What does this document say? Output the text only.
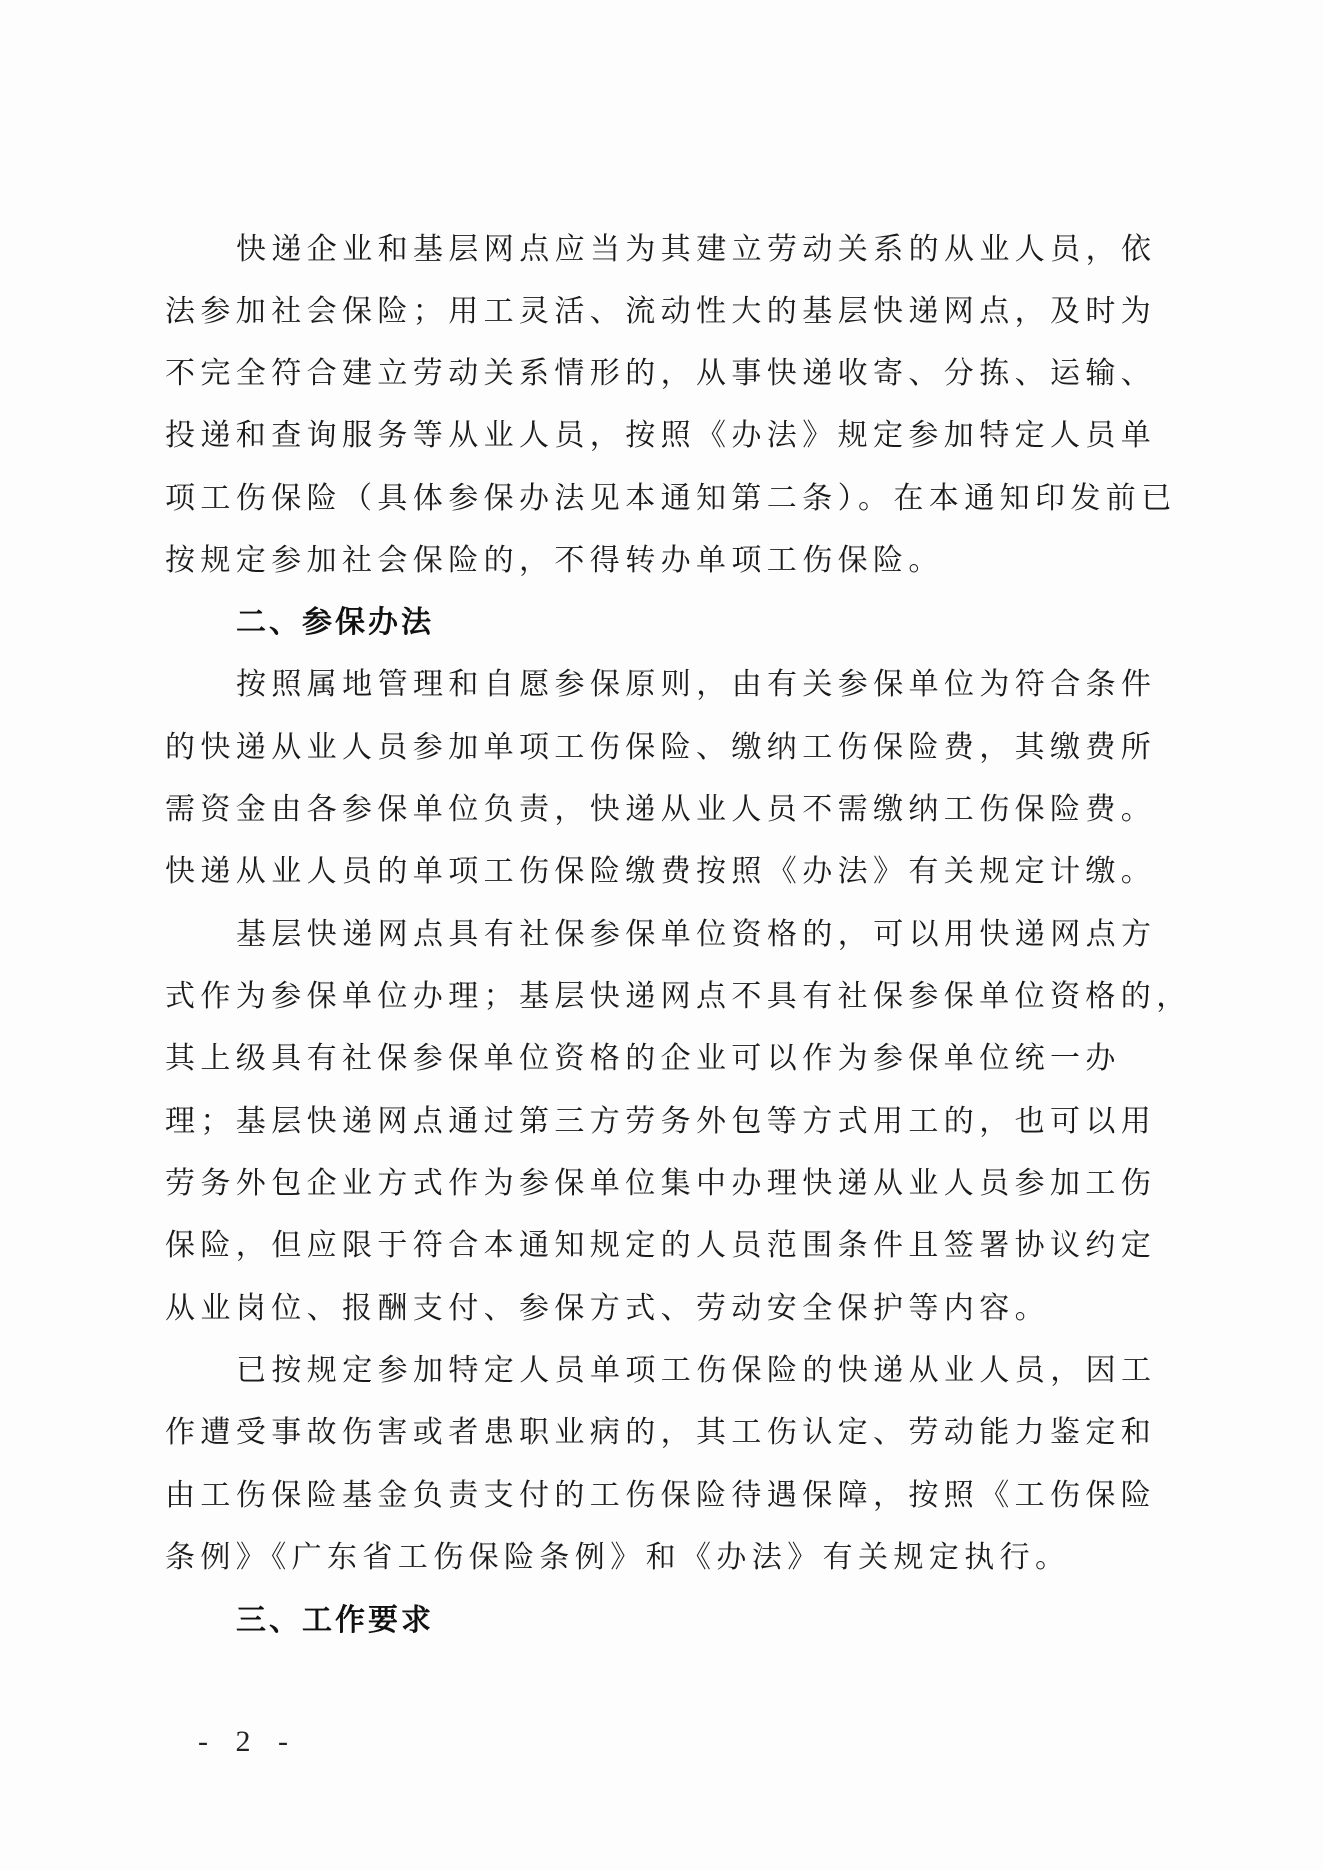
快递企业和基层网点应当为其建立劳动关系的从业人员，依
法参加社会保险；用工灵活、流动性大的基层快递网点，及时为
不完全符合建立劳动关系情形的，从事快递收寄、分拣、运输、
投递和查询服务等从业人员，按照《办法》规定参加特定人员单
项工伤保险（具体参保办法见本通知第二条）。在本通知印发前已
按规定参加社会保险的，不得转办单项工伤保险。
二、参保办法
按照属地管理和自愿参保原则，由有关参保单位为符合条件
的快递从业人员参加单项工伤保险、缴纳工伤保险费，其缴费所
需资金由各参保单位负责，快递从业人员不需缴纳工伤保险费。
快递从业人员的单项工伤保险缴费按照《办法》有关规定计缴。
基层快递网点具有社保参保单位资格的，可以用快递网点方
式作为参保单位办理；基层快递网点不具有社保参保单位资格的，
其上级具有社保参保单位资格的企业可以作为参保单位统一办
理；基层快递网点通过第三方劳务外包等方式用工的，也可以用
劳务外包企业方式作为参保单位集中办理快递从业人员参加工伤
保险，但应限于符合本通知规定的人员范围条件且签署协议约定
从业岗位、报酬支付、参保方式、劳动安全保护等内容。
已按规定参加特定人员单项工伤保险的快递从业人员，因工
作遭受事故伤害或者患职业病的，其工伤认定、劳动能力鉴定和
由工伤保险基金负责支付的工伤保险待遇保障，按照《工伤保险
条例》《广东省工伤保险条例》和《办法》有关规定执行。
三、工作要求
- 2 -
